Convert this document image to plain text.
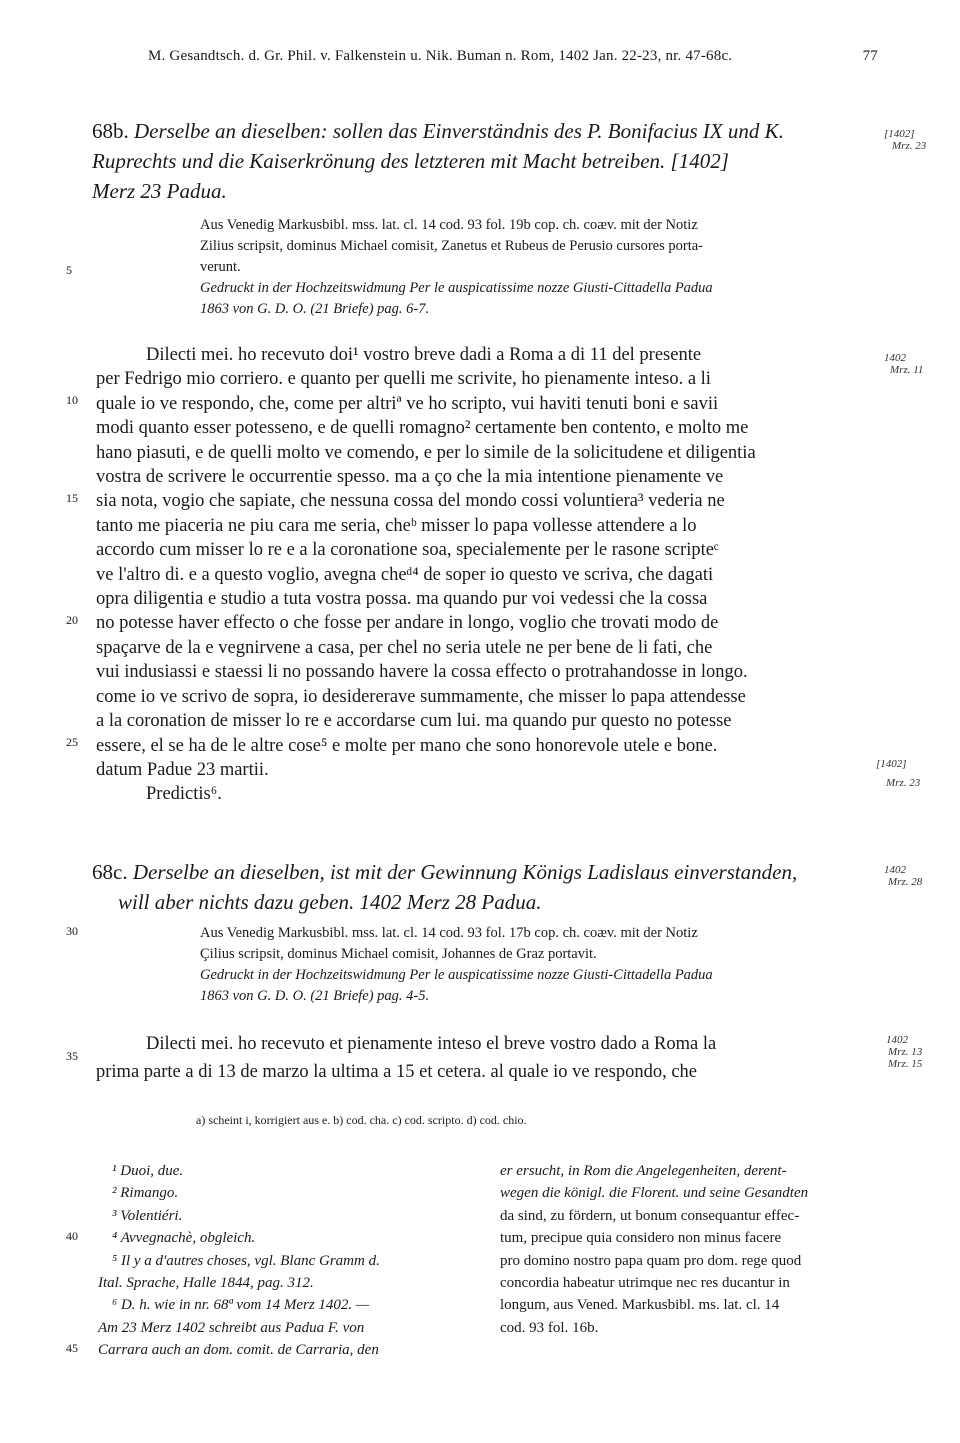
M. Gesandtsch. d. Gr. Phil. v. Falkenstein u. Nik. Buman n. Rom, 1402 Jan. 22-23, nr. 47-68c.	77
68b. Derselbe an dieselben: sollen das Einverständnis des P. Bonifacius IX und K.
Ruprechts und die Kaiserkrönung des letzteren mit Macht betreiben. [1402]
Merz 23 Padua.
[1402]
Mrz. 23
Aus Venedig Markusbibl. mss. lat. cl. 14 cod. 93 fol. 19b cop. ch. coæv. mit der Notiz
Zilius scripsit, dominus Michael comisit, Zanetus et Rubeus de Perusio cursores porta-
verunt.
Gedruckt in der Hochzeitswidmung Per le auspicatissime nozze Giusti-Cittadella Padua
1863 von G. D. O. (21 Briefe) pag. 6-7.
Dilecti mei. ho recevuto doi¹ vostro breve dadi a Roma a di 11 del presente
per Fedrigo mio corriero. e quanto per quelli me scrivite, ho pienamente inteso. a li
quale io ve respondo, che, come per altriª ve ho scripto, vui haviti tenuti boni e savii
modi quanto esser potesseno, e de quelli romagno² certamente ben contento, e molto me
hano piasuti, e de quelli molto ve comendo, e per lo simile de la solicitudene et diligentia
vostra de scrivere le occurrentie spesso. ma a ço che la mia intentione pienamente ve
sia nota, vogio che sapiate, che nessuna cossa del mondo cossi voluntiera³ vederia ne
tanto me piaceria ne piu cara me seria, cheᵇ misser lo papa vollesse attendere a lo
accordo cum misser lo re e a la coronatione soa, specialemente per le rasone scripteᶜ
ve l'altro di. e a questo voglio, avegna cheᵈ⁴ de soper io questo ve scriva, che dagati
opra diligentia e studio a tuta vostra possa. ma quando pur voi vedessi che la cossa
no potesse haver effecto o che fosse per andare in longo, voglio che trovati modo de
spaçarve de la e vegnirvene a casa, per chel no seria utele ne per bene de li fati, che
vui indusiassi e staessi li no possando havere la cossa effecto o protrahandosse in longo.
come io ve scrivo de sopra, io desidererave summamente, che misser lo papa attendesse
a la coronation de misser lo re e accordarse cum lui. ma quando pur questo no potesse
essere, el se ha de le altre cose⁵ e molte per mano che sono honorevole utele e bone.
datum Padue 23 martii.
Predictis⁶.
1402
Mrz. 11
[1402]
Mrz. 23
68c. Derselbe an dieselben, ist mit der Gewinnung Königs Ladislaus einverstanden,
will aber nichts dazu geben. 1402 Merz 28 Padua.
1402
Mrz. 28
Aus Venedig Markusbibl. mss. lat. cl. 14 cod. 93 fol. 17b cop. ch. coæv. mit der Notiz
Çilius scripsit, dominus Michael comisit, Johannes de Graz portavit.
Gedruckt in der Hochzeitswidmung Per le auspicatissime nozze Giusti-Cittadella Padua
1863 von G. D. O. (21 Briefe) pag. 4-5.
Dilecti mei. ho recevuto et pienamente inteso el breve vostro dado a Roma la
prima parte a di 13 de marzo la ultima a 15 et cetera. al quale io ve respondo, che
1402
Mrz. 13
Mrz. 15
a) scheint i, korrigiert aus e. b) cod. cha. c) cod. scripto. d) cod. chio.
¹ Duoi, due.
² Rimango.
³ Volentiéri.
⁴ Avvegnachè, obgleich.
⁵ Il y a d'autres choses, vgl. Blanc Gramm d.
Ital. Sprache, Halle 1844, pag. 312.
⁶ D. h. wie in nr. 68ª vom 14 Merz 1402. —
Am 23 Merz 1402 schreibt aus Padua F. von
Carrara auch an dom. comit. de Carraria, den
er ersucht, in Rom die Angelegenheiten, derent-
wegen die königl. die Florent. und seine Gesandten
da sind, zu fördern, ut bonum consequantur effec-
tum, precipue quia considero non minus facere
pro domino nostro papa quam pro dom. rege quod
concordia habeatur utrimque nec res ducantur in
longum, aus Vened. Markusbibl. ms. lat. cl. 14
cod. 93 fol. 16b.
5
10
15
20
25
30
35
40
45
